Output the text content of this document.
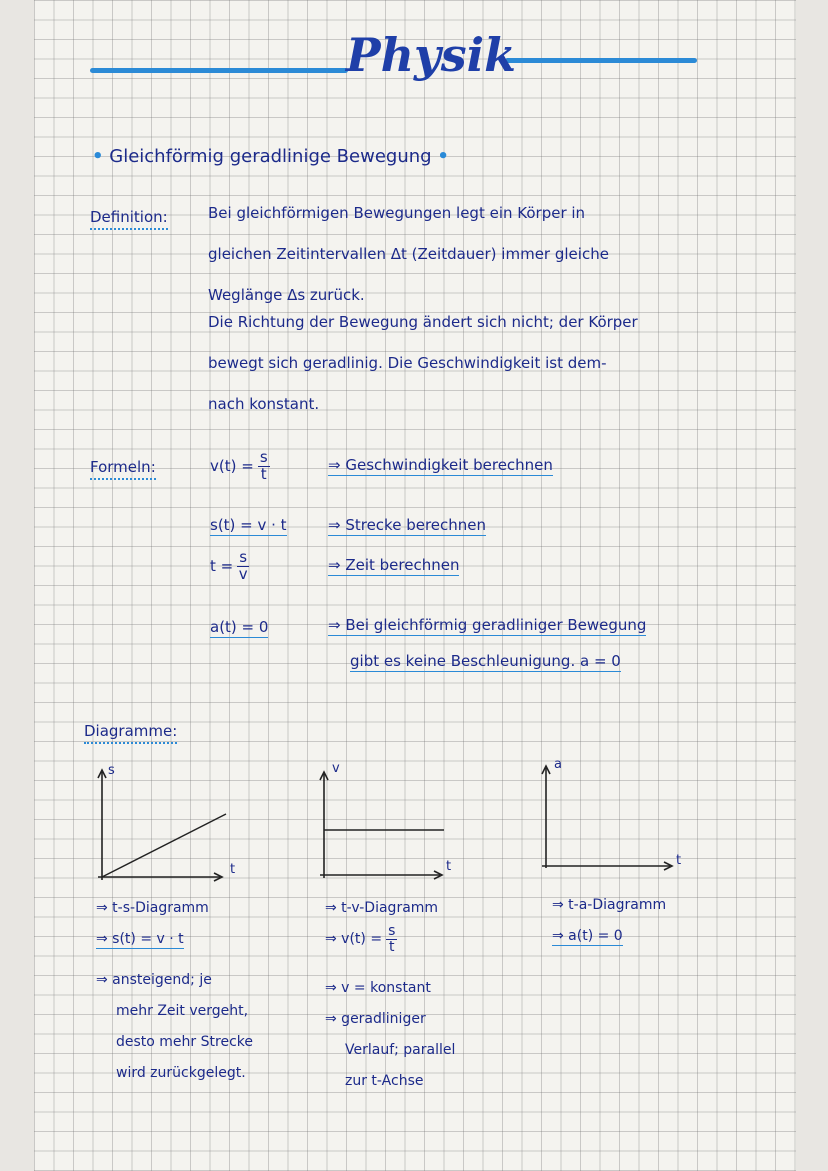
Physik
• Gleichförmig geradlinige Bewegung •
Definition:	Bei gleichförmigen Bewegungen legt ein Körper in
gleichen Zeitintervallen Δt (Zeitdauer) immer gleiche
Weglänge Δs zurück.
Die Richtung der Bewegung ändert sich nicht; der Körper
bewegt sich geradlinig. Die Geschwindigkeit ist dem-
nach konstant.
Formeln:	$v(t) = \frac{s}{t}$	⇒ Geschwindigkeit berechnen
s(t) = v · t	⇒ Strecke berechnen
$t = \frac{s}{v}$	⇒ Zeit berechnen
a(t) = 0	⇒ Bei gleichförmig geradliniger Bewegung
gibt es keine Beschleunigung. a = 0
Diagramme:
s
t
v
t
a
t
⇒ t-s-Diagramm
⇒ s(t) = v · t
⇒ ansteigend; je
mehr Zeit vergeht,
desto mehr Strecke
wird zurückgelegt.
⇒ t-v-Diagramm
⇒ $v(t) = \frac{s}{t}$
⇒ v = konstant
⇒ geradliniger
Verlauf; parallel
zur t-Achse
⇒ t-a-Diagramm
⇒ a(t) = 0
